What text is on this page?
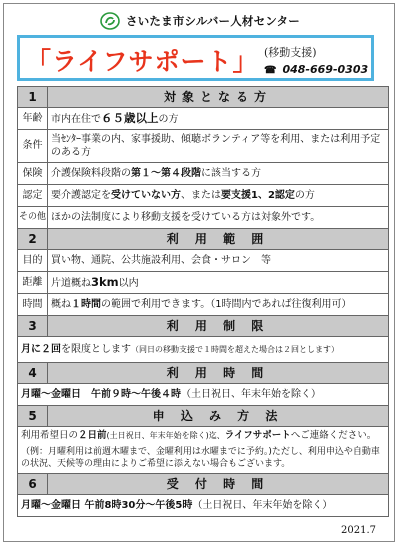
さいたま市シルバー人材センター
「ライフサポート」 (移動支援)
☎ 048-669-0303
1	対象となる方
年齢	市内在住で６５歳以上の方
条件	当ｾﾝﾀｰ事業の内、家事援助、傾聴ボランティア等を利用、または利用予定のある方
保険	介護保険料段階の第１～第４段階に該当する方
認定	要介護認定を受けていない方、または要支援1、2認定の方
その他	ほかの法制度により移動支援を受けている方は対象外です。
2	利 用 範 囲
目的	買い物、通院、公共施設利用、会食・サロン　等
距離	片道概ね3km以内
時間	概ね１時間の範囲で利用できます。（1時間内であれば往復利用可）
3	利 用 制 限
月に２回を限度とします（同日の移動支援で１時間を超えた場合は２回とします）	
4	利 用 時 間
月曜～金曜日　午前９時～午後４時（土日祝日、年末年始を除く）	
5	申 込 み 方 法

利用希望日の２日前(土日祝日、年末年始を除く)迄、ライフサポートへご連絡ください。
（例：月曜利用は前週木曜まで、金曜利用は水曜までに予約。)ただし、利用申込や自動車の状況、天候等の理由によりご希望に添えない場合もございます。	

6	受 付 時 間
月曜～金曜日 午前8時30分～午後5時（土日祝日、年末年始を除く）	
2021.7
